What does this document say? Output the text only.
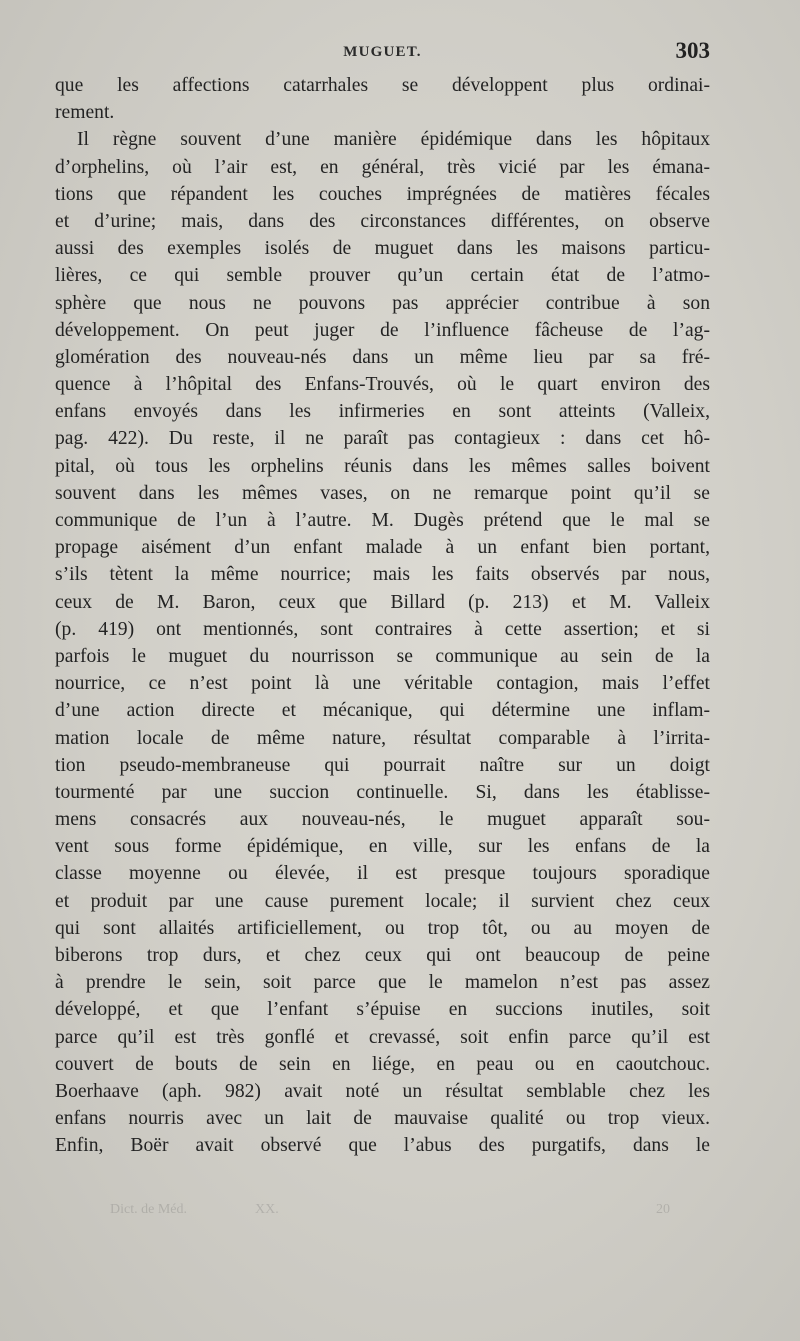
MUGUET.	303
que les affections catarrhales se développent plus ordinai-
rement.
Il règne souvent d’une manière épidémique dans les hôpitaux
d’orphelins, où l’air est, en général, très vicié par les émana-
tions que répandent les couches imprégnées de matières fécales
et d’urine; mais, dans des circonstances différentes, on observe
aussi des exemples isolés de muguet dans les maisons particu-
lières, ce qui semble prouver qu’un certain état de l’atmo-
sphère que nous ne pouvons pas apprécier contribue à son
développement. On peut juger de l’influence fâcheuse de l’ag-
glomération des nouveau-nés dans un même lieu par sa fré-
quence à l’hôpital des Enfans-Trouvés, où le quart environ des
enfans envoyés dans les infirmeries en sont atteints (Valleix,
pag. 422). Du reste, il ne paraît pas contagieux : dans cet hô-
pital, où tous les orphelins réunis dans les mêmes salles boivent
souvent dans les mêmes vases, on ne remarque point qu’il se
communique de l’un à l’autre. M. Dugès prétend que le mal se
propage aisément d’un enfant malade à un enfant bien portant,
s’ils tètent la même nourrice; mais les faits observés par nous,
ceux de M. Baron, ceux que Billard (p. 213) et M. Valleix
(p. 419) ont mentionnés, sont contraires à cette assertion; et si
parfois le muguet du nourrisson se communique au sein de la
nourrice, ce n’est point là une véritable contagion, mais l’effet
d’une action directe et mécanique, qui détermine une inflam-
mation locale de même nature, résultat comparable à l’irrita-
tion pseudo-membraneuse qui pourrait naître sur un doigt
tourmenté par une succion continuelle. Si, dans les établisse-
mens consacrés aux nouveau-nés, le muguet apparaît sou-
vent sous forme épidémique, en ville, sur les enfans de la
classe moyenne ou élevée, il est presque toujours sporadique
et produit par une cause purement locale; il survient chez ceux
qui sont allaités artificiellement, ou trop tôt, ou au moyen de
biberons trop durs, et chez ceux qui ont beaucoup de peine
à prendre le sein, soit parce que le mamelon n’est pas assez
développé, et que l’enfant s’épuise en succions inutiles, soit
parce qu’il est très gonflé et crevassé, soit enfin parce qu’il est
couvert de bouts de sein en liége, en peau ou en caoutchouc.
Boerhaave (aph. 982) avait noté un résultat semblable chez les
enfans nourris avec un lait de mauvaise qualité ou trop vieux.
Enfin, Boër avait observé que l’abus des purgatifs, dans le
Dict. de Méd.	XX.	20
